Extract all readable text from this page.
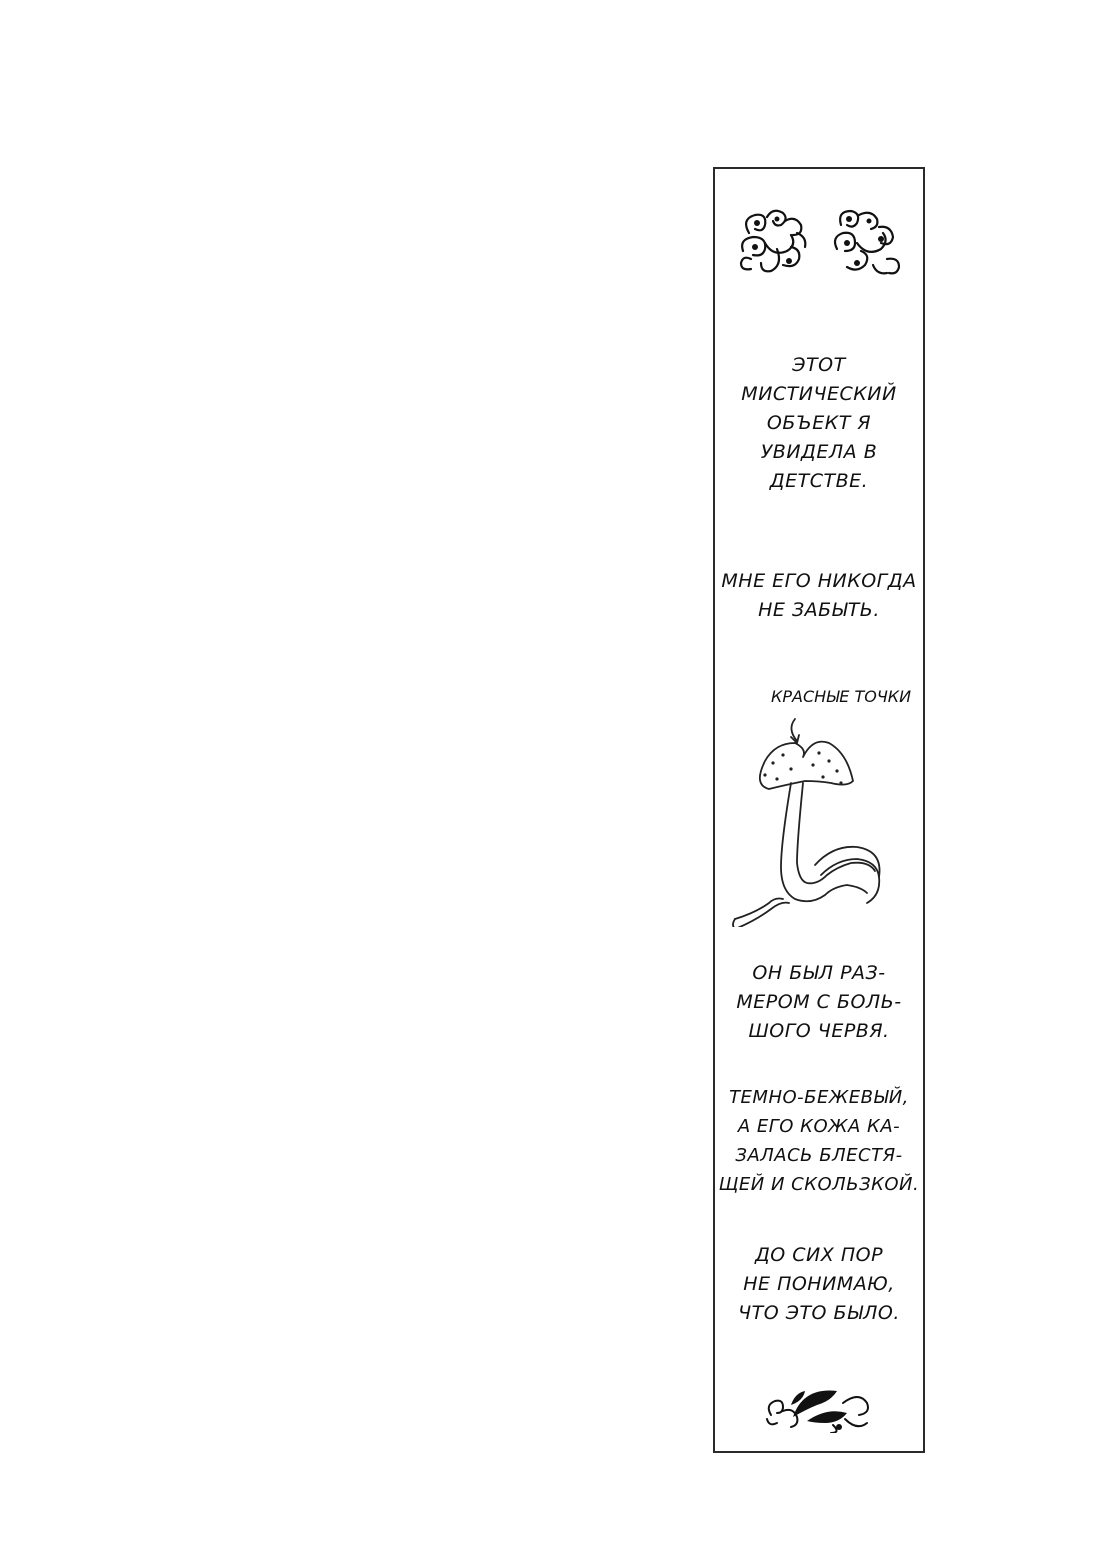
ЭТОТ
МИСТИЧЕСКИЙ
ОБЪЕКТ Я
УВИДЕЛА В
ДЕТСТВЕ.
МНЕ ЕГО НИКОГДА
НЕ ЗАБЫТЬ.
КРАСНЫЕ ТОЧКИ
ОН БЫЛ РАЗ-
МЕРОМ С БОЛЬ-
ШОГО ЧЕРВЯ.
ТЕМНО-БЕЖЕВЫЙ,
А ЕГО КОЖА КА-
ЗАЛАСЬ БЛЕСТЯ-
ЩЕЙ И СКОЛЬЗКОЙ.
ДО СИХ ПОР
НЕ ПОНИМАЮ,
ЧТО ЭТО БЫЛО.
